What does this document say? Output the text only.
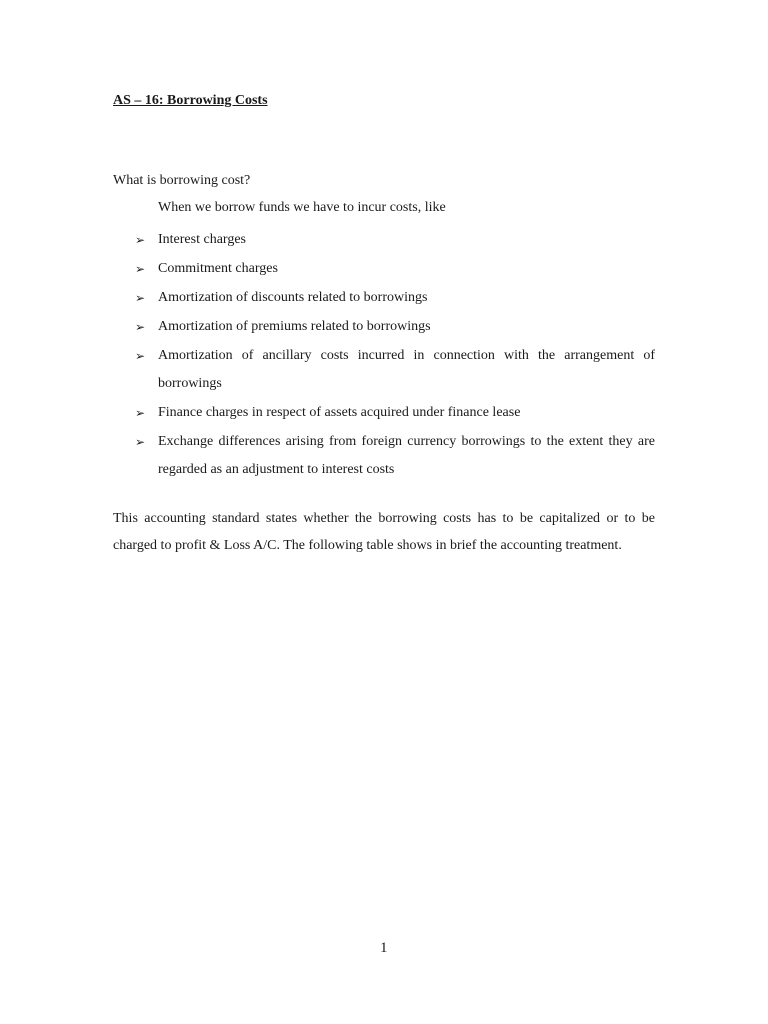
AS – 16: Borrowing Costs
What is borrowing cost?
When we borrow funds we have to incur costs, like
➢ Interest charges
➢ Commitment charges
➢ Amortization of discounts related to borrowings
➢ Amortization of premiums related to borrowings
➢ Amortization of ancillary costs incurred in connection with the arrangement of borrowings
➢ Finance charges in respect of assets acquired under finance lease
➢ Exchange differences arising from foreign currency borrowings to the extent they are regarded as an adjustment to interest costs

This accounting standard states whether the borrowing costs has to be capitalized or to be charged to profit & Loss A/C. The following table shows in brief the accounting treatment.

1
